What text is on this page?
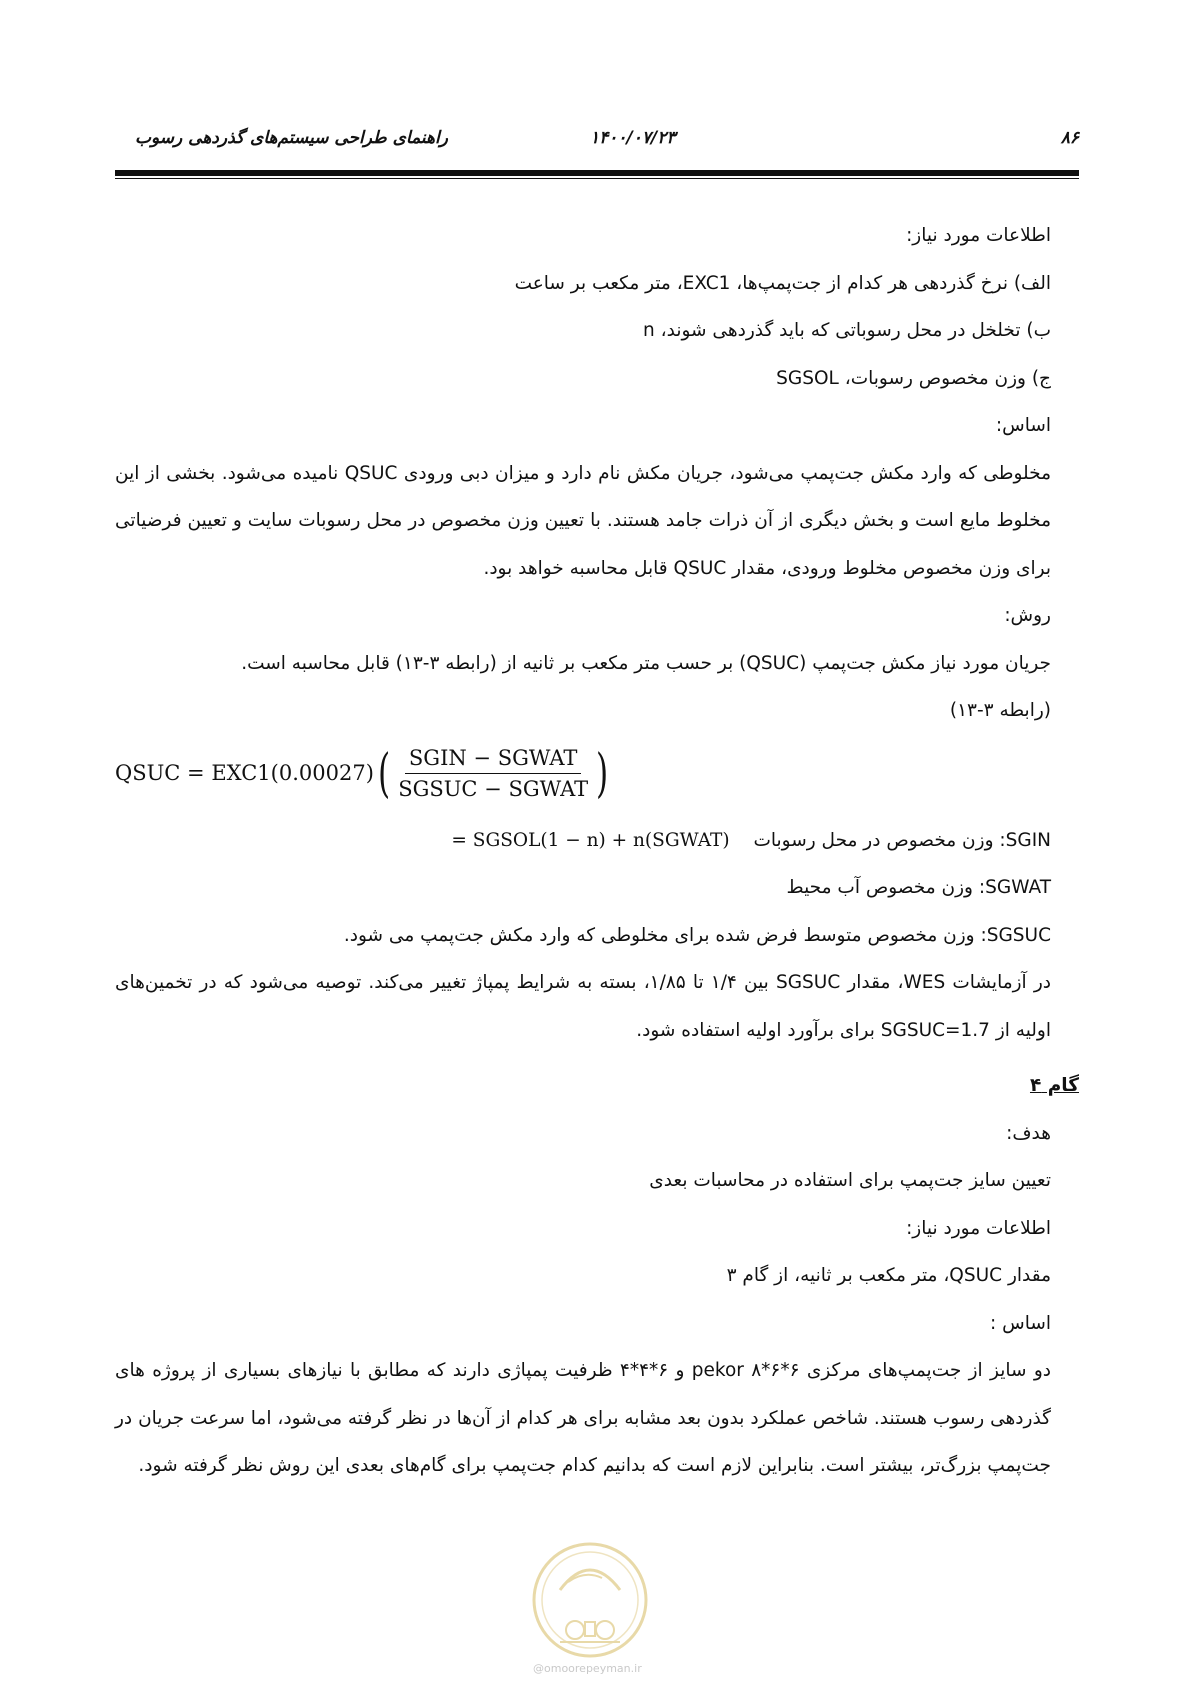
۸۶
۱۴۰۰/۰۷/۲۳
راهنمای طراحی سیستم‌های گذردهی رسوب

اطلاعات مورد نیاز:

الف) نرخ گذردهی هر کدام از جت‌پمپ‌ها، EXC1، متر مکعب بر ساعت

ب) تخلخل در محل رسوباتی که باید گذردهی شوند، n

ج) وزن مخصوص رسوبات، SGSOL

اساس:

مخلوطی که وارد مکش جت‌پمپ می‌شود، جریان مکش نام دارد و میزان دبی ورودی QSUC نامیده می‌شود. بخشی از این مخلوط مایع است و بخش دیگری از آن ذرات جامد هستند. با تعیین وزن مخصوص در محل رسوبات سایت و تعیین فرضیاتی برای وزن مخصوص مخلوط ورودی، مقدار QSUC قابل محاسبه خواهد بود.

روش:

جریان مورد نیاز مکش جت‌پمپ (QSUC) بر حسب متر مکعب بر ثانیه از (رابطه ۳-۱۳) قابل محاسبه است.

(رابطه ۳-۱۳)

QSUC = EXC1(0.00027) ( $\frac{\text{SGIN − SGWAT}}{\text{SGSUC − SGWAT}}$ )

SGIN: وزن مخصوص در محل رسوبات = SGSOL(1 − n) + n(SGWAT)

SGWAT: وزن مخصوص آب محیط

SGSUC: وزن مخصوص متوسط فرض شده برای مخلوطی که وارد مکش جت‌پمپ می شود.

در آزمایشات WES، مقدار SGSUC بین ۱/۴ تا ۱/۸۵، بسته به شرایط پمپاژ تغییر می‌کند. توصیه می‌شود که در تخمین‌های اولیه از SGSUC=1.7 برای برآورد اولیه استفاده شود.

گام ۴

هدف:

تعیین سایز جت‌پمپ برای استفاده در محاسبات بعدی

اطلاعات مورد نیاز:

مقدار QSUC، متر مکعب بر ثانیه، از گام ۳

اساس :

دو سایز از جت‌پمپ‌های مرکزی pekor ۸*۶*۶ و ۶*۴*۴ ظرفیت پمپاژی دارند که مطابق با نیازهای بسیاری از پروژه های گذردهی رسوب هستند. شاخص عملکرد بدون بعد مشابه برای هر کدام از آن‌ها در نظر گرفته می‌شود، اما سرعت جریان در جت‌پمپ بزرگ‌تر، بیشتر است. بنابراین لازم است که بدانیم کدام جت‌پمپ برای گام‌های بعدی این روش نظر گرفته شود.

@omoorepeyman.ir
